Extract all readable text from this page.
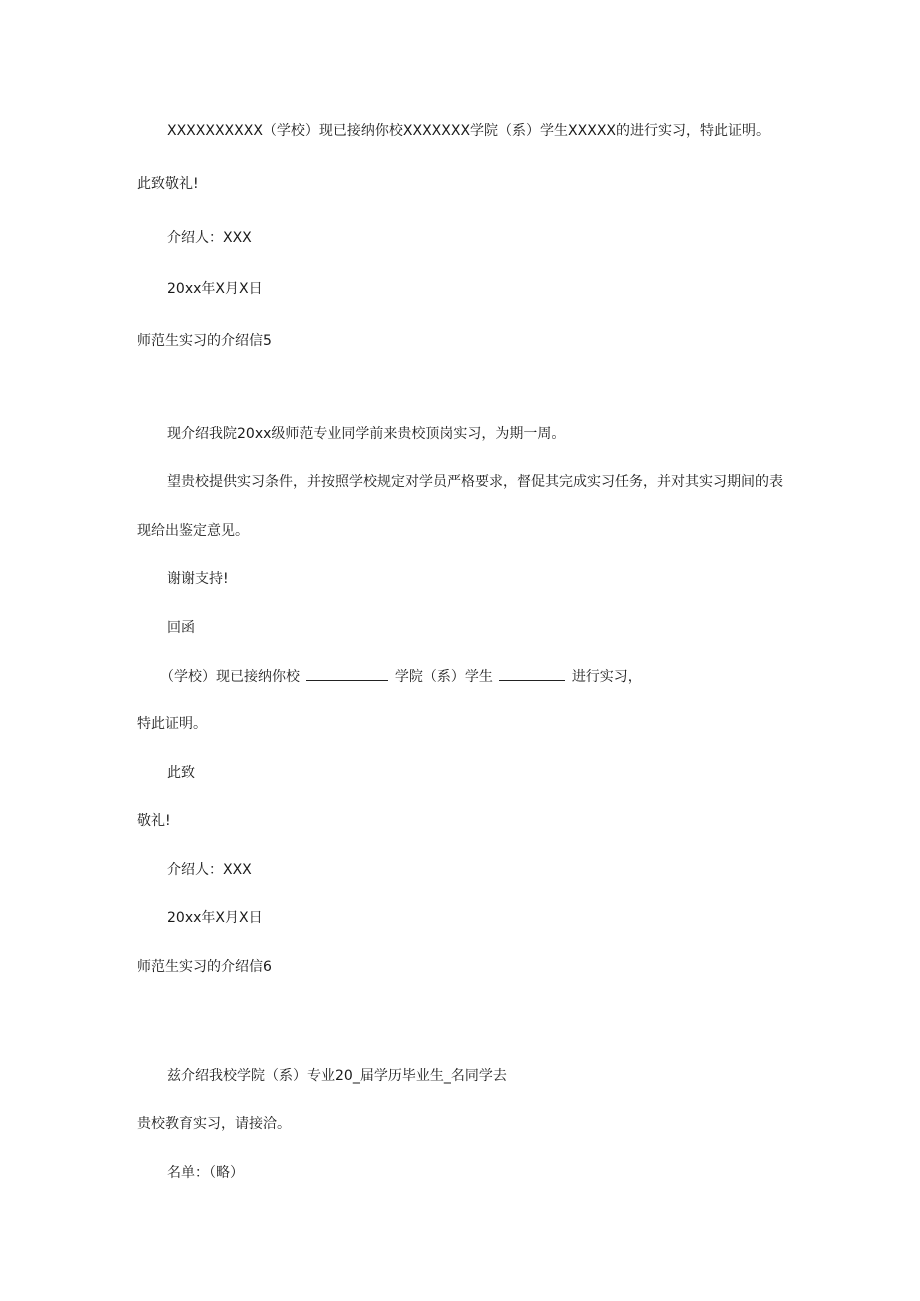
XXXXXXXXXX（学校）现已接纳你校XXXXXXX学院（系）学生XXXXX的进行实习，特此证明。
此致敬礼!
介绍人：XXX
20xx年X月X日
师范生实习的介绍信5
现介绍我院20xx级师范专业同学前来贵校顶岗实习，为期一周。
望贵校提供实习条件，并按照学校规定对学员严格要求，督促其完成实习任务，并对其实习期间的表
现给出鉴定意见。
谢谢支持!
回函
（学校）现已接纳你校	学院（系）学生	进行实习，
特此证明。
此致
敬礼!
介绍人：XXX
20xx年X月X日
师范生实习的介绍信6
兹介绍我校学院（系）专业20_届学历毕业生_名同学去
贵校教育实习，请接洽。
名单：（略）
